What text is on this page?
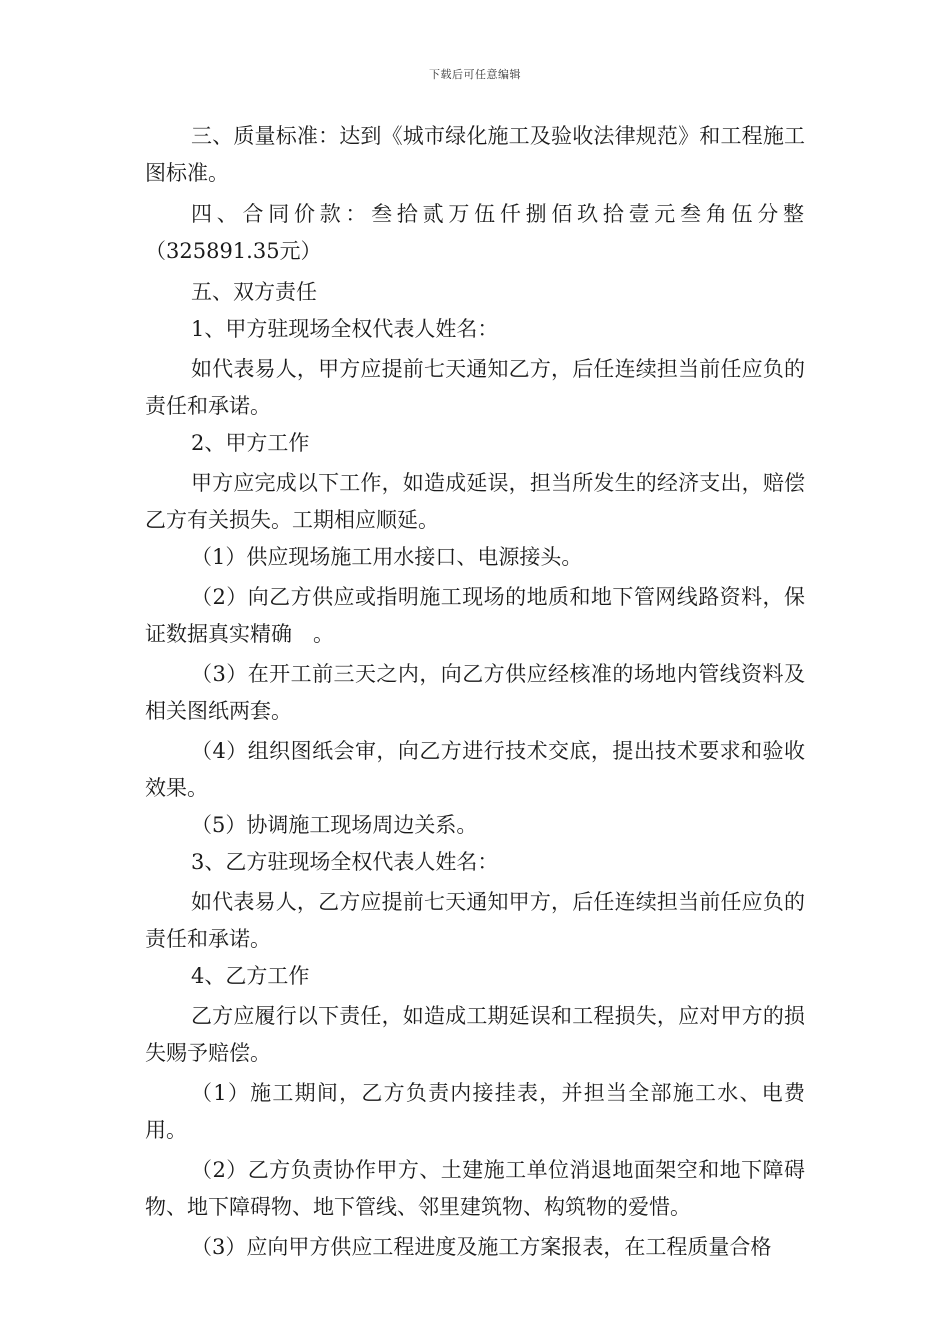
下载后可任意编辑

三、质量标准：达到《城市绿化施工及验收法律规范》和工程施工图标准。

四、合同价款：叁拾贰万伍仟捌佰玖拾壹元叁角伍分整

（325891.35元）

五、双方责任

1、甲方驻现场全权代表人姓名：

如代表易人，甲方应提前七天通知乙方，后任连续担当前任应负的责任和承诺。

2、甲方工作

甲方应完成以下工作，如造成延误，担当所发生的经济支出，赔偿乙方有关损失。工期相应顺延。

（1）供应现场施工用水接口、电源接头。

（2）向乙方供应或指明施工现场的地质和地下管网线路资料，保证数据真实精确　。

（3）在开工前三天之内，向乙方供应经核准的场地内管线资料及相关图纸两套。

（4）组织图纸会审，向乙方进行技术交底，提出技术要求和验收效果。

（5）协调施工现场周边关系。

3、乙方驻现场全权代表人姓名：

如代表易人，乙方应提前七天通知甲方，后任连续担当前任应负的责任和承诺。

4、乙方工作

乙方应履行以下责任，如造成工期延误和工程损失，应对甲方的损失赐予赔偿。

（1）施工期间，乙方负责内接挂表，并担当全部施工水、电费用。

（2）乙方负责协作甲方、土建施工单位消退地面架空和地下障碍物、地下障碍物、地下管线、邻里建筑物、构筑物的爱惜。

（3）应向甲方供应工程进度及施工方案报表，在工程质量合格
